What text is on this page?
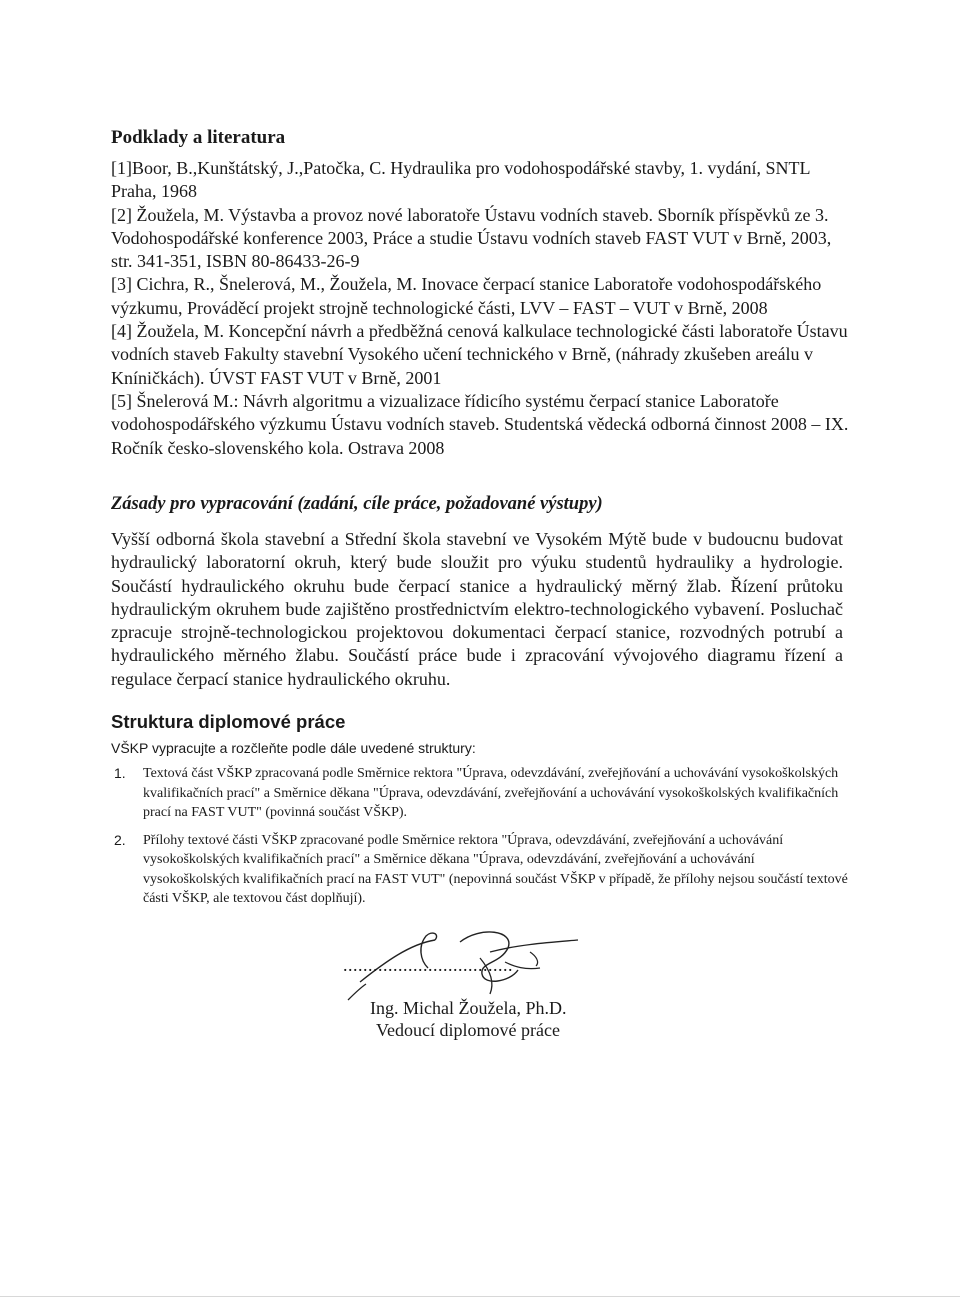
Podklady a literatura

[1]Boor, B.,Kunštátský, J.,Patočka, C. Hydraulika pro vodohospodářské stavby, 1. vydání, SNTL Praha, 1968

[2] Žoužela, M. Výstavba a provoz nové laboratoře Ústavu vodních staveb. Sborník příspěvků ze 3. Vodohospodářské konference 2003, Práce a studie Ústavu vodních staveb FAST VUT v Brně, 2003, str. 341-351, ISBN 80-86433-26-9

[3] Cichra, R., Šnelerová, M., Žoužela, M. Inovace čerpací stanice Laboratoře vodohospodářského výzkumu, Prováděcí projekt strojně technologické části, LVV – FAST – VUT v Brně, 2008

[4] Žoužela, M. Koncepční návrh a předběžná cenová kalkulace technologické části laboratoře Ústavu vodních staveb Fakulty stavební Vysokého učení technického v Brně, (náhrady zkušeben areálu v Kníničkách). ÚVST FAST VUT v Brně, 2001

[5] Šnelerová M.: Návrh algoritmu a vizualizace řídicího systému čerpací stanice Laboratoře vodohospodářského výzkumu Ústavu vodních staveb. Studentská vědecká odborná činnost 2008 – IX. Ročník česko-slovenského kola. Ostrava 2008

Zásady pro vypracování (zadání, cíle práce, požadované výstupy)

Vyšší odborná škola stavební a Střední škola stavební ve Vysokém Mýtě bude v budoucnu budovat hydraulický laboratorní okruh, který bude sloužit pro výuku studentů hydrauliky a hydrologie. Součástí hydraulického okruhu bude čerpací stanice a hydraulický měrný žlab. Řízení průtoku hydraulickým okruhem bude zajištěno prostřednictvím elektro-technologického vybavení. Posluchač zpracuje strojně-technologickou projektovou dokumentaci čerpací stanice, rozvodných potrubí a hydraulického měrného žlabu. Součástí práce bude i zpracování vývojového diagramu řízení a regulace čerpací stanice hydraulického okruhu.

Struktura diplomové práce

VŠKP vypracujte a rozčleňte podle dále uvedené struktury:

1. Textová část VŠKP zpracovaná podle Směrnice rektora "Úprava, odevzdávání, zveřejňování a uchovávání vysokoškolských kvalifikačních prací" a Směrnice děkana "Úprava, odevzdávání, zveřejňování a uchovávání vysokoškolských kvalifikačních prací na FAST VUT" (povinná součást VŠKP).
2. Přílohy textové části VŠKP zpracované podle Směrnice rektora "Úprava, odevzdávání, zveřejňování a uchovávání vysokoškolských kvalifikačních prací" a Směrnice děkana "Úprava, odevzdávání, zveřejňování a uchovávání vysokoškolských kvalifikačních prací na FAST VUT" (nepovinná součást VŠKP v případě, že přílohy nejsou součástí textové části VŠKP, ale textovou část doplňují).

..................................

Ing. Michal Žoužela, Ph.D.

Vedoucí diplomové práce
